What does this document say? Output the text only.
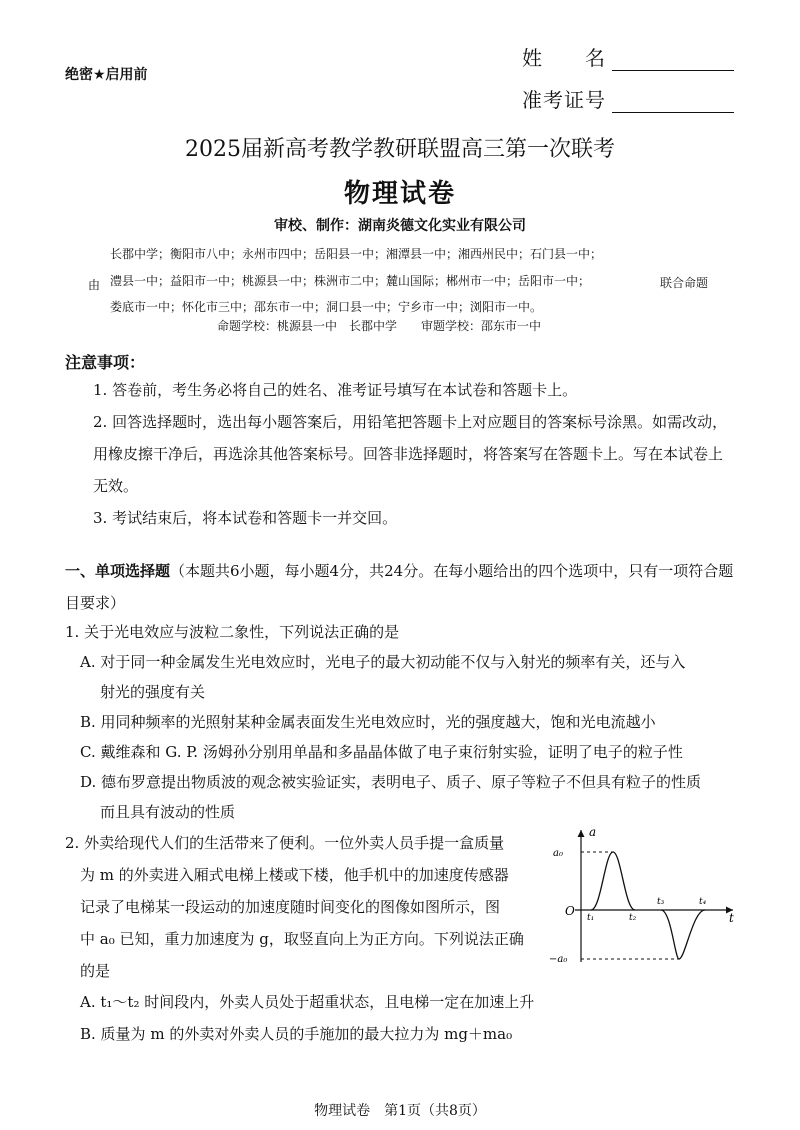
绝密★启用前
姓　　名
准考证号
2025届新高考教学教研联盟高三第一次联考
物理试卷
审校、制作：湖南炎德文化实业有限公司
长郡中学；衡阳市八中；永州市四中；岳阳县一中；湘潭县一中；湘西州民中；石门县一中；
澧县一中；益阳市一中；桃源县一中；株洲市二中；麓山国际；郴州市一中；岳阳市一中；
娄底市一中；怀化市三中；邵东市一中；洞口县一中；宁乡市一中；浏阳市一中。
由	联合命题
命题学校：桃源县一中　长郡中学　　审题学校：邵东市一中
注意事项：
1. 答卷前，考生务必将自己的姓名、准考证号填写在本试卷和答题卡上。
2. 回答选择题时，选出每小题答案后，用铅笔把答题卡上对应题目的答案标号涂黑。如需改动，用橡皮擦干净后，再选涂其他答案标号。回答非选择题时，将答案写在答题卡上。写在本试卷上无效。
3. 考试结束后，将本试卷和答题卡一并交回。
一、单项选择题（本题共6小题，每小题4分，共24分。在每小题给出的四个选项中，只有一项符合题目要求）
1. 关于光电效应与波粒二象性，下列说法正确的是
A. 对于同一种金属发生光电效应时，光电子的最大初动能不仅与入射光的频率有关，还与入
射光的强度有关
B. 用同种频率的光照射某种金属表面发生光电效应时，光的强度越大，饱和光电流越小
C. 戴维森和 G. P. 汤姆孙分别用单晶和多晶晶体做了电子束衍射实验，证明了电子的粒子性
D. 德布罗意提出物质波的观念被实验证实，表明电子、质子、原子等粒子不但具有粒子的性质
而且具有波动的性质
2. 外卖给现代人们的生活带来了便利。一位外卖人员手提一盒质量
为 m 的外卖进入厢式电梯上楼或下楼，他手机中的加速度传感器
记录了电梯某一段运动的加速度随时间变化的图像如图所示，图
中 a₀ 已知，重力加速度为 g，取竖直向上为正方向。下列说法正确
的是
A. t₁～t₂ 时间段内，外卖人员处于超重状态，且电梯一定在加速上升
B. 质量为 m 的外卖对外卖人员的手施加的最大拉力为 mg＋ma₀
a
t
O
a₀
−a₀
t₁	t₂
t₃	t₄
物理试卷　第1页（共8页）
